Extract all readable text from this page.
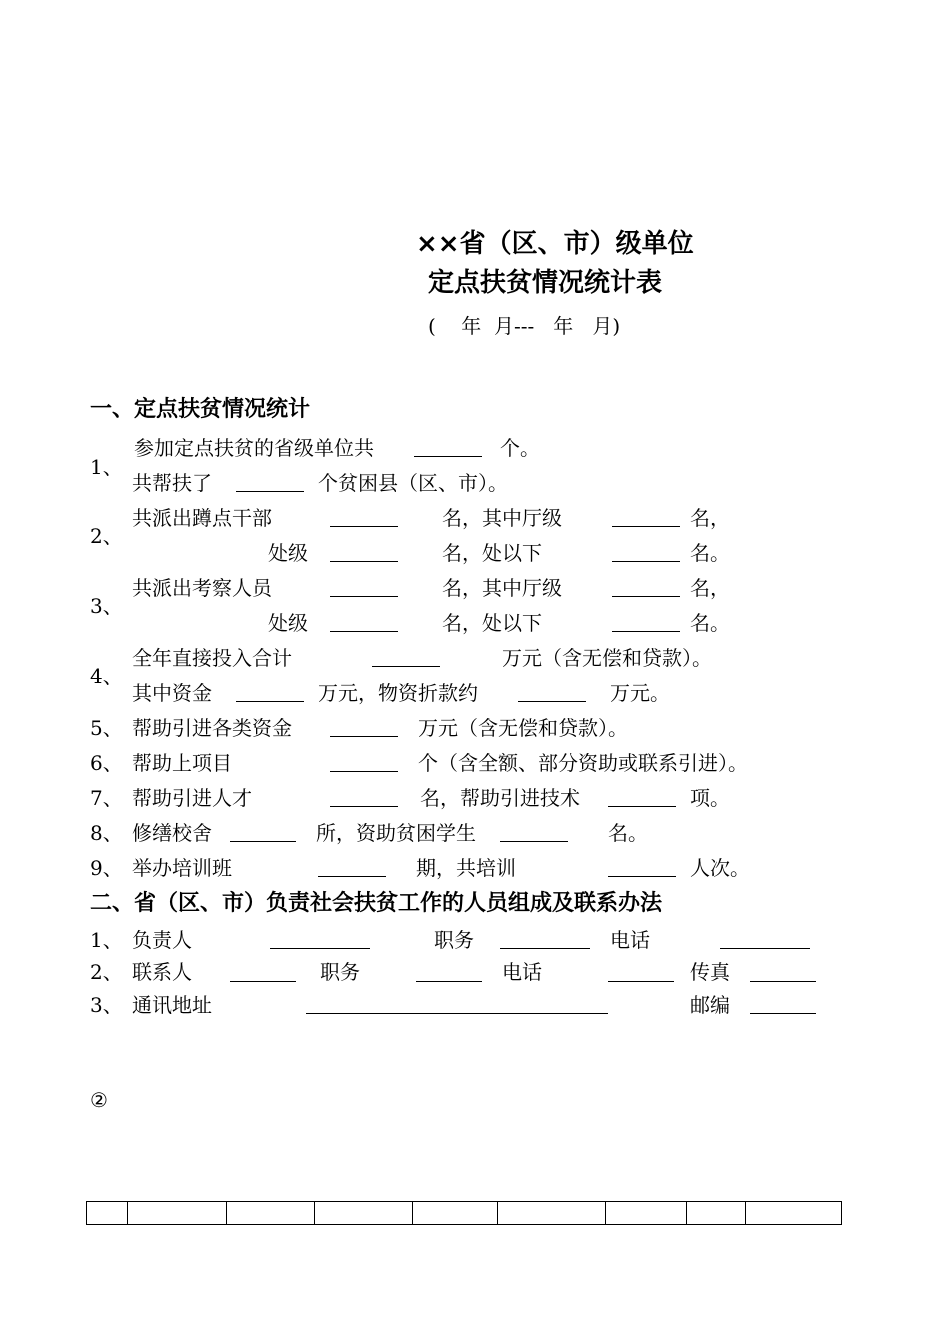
××省（区、市）级单位
定点扶贫情况统计表
(    年  月---   年   月)
一、定点扶贫情况统计
1、
参加定点扶贫的省级单位共	个。
共帮扶了	个贫困县（区、市）。
2、
共派出蹲点干部	名，其中厅级	名，
处级	名，处以下	名。
3、
共派出考察人员	名，其中厅级	名，
处级	名，处以下	名。
4、
全年直接投入合计	万元（含无偿和贷款）。
其中资金	万元，物资折款约	万元。
5、 帮助引进各类资金	万元（含无偿和贷款）。
6、 帮助上项目	个（含全额、部分资助或联系引进）。
7、 帮助引进人才	名，帮助引进技术	项。
8、 修缮校舍	所，资助贫困学生	名。
9、 举办培训班	期，共培训	人次。
二、省（区、市）负责社会扶贫工作的人员组成及联系办法
1、 负责人	职务	电话
2、 联系人	职务	电话	传真
3、 通讯地址	邮编
②
